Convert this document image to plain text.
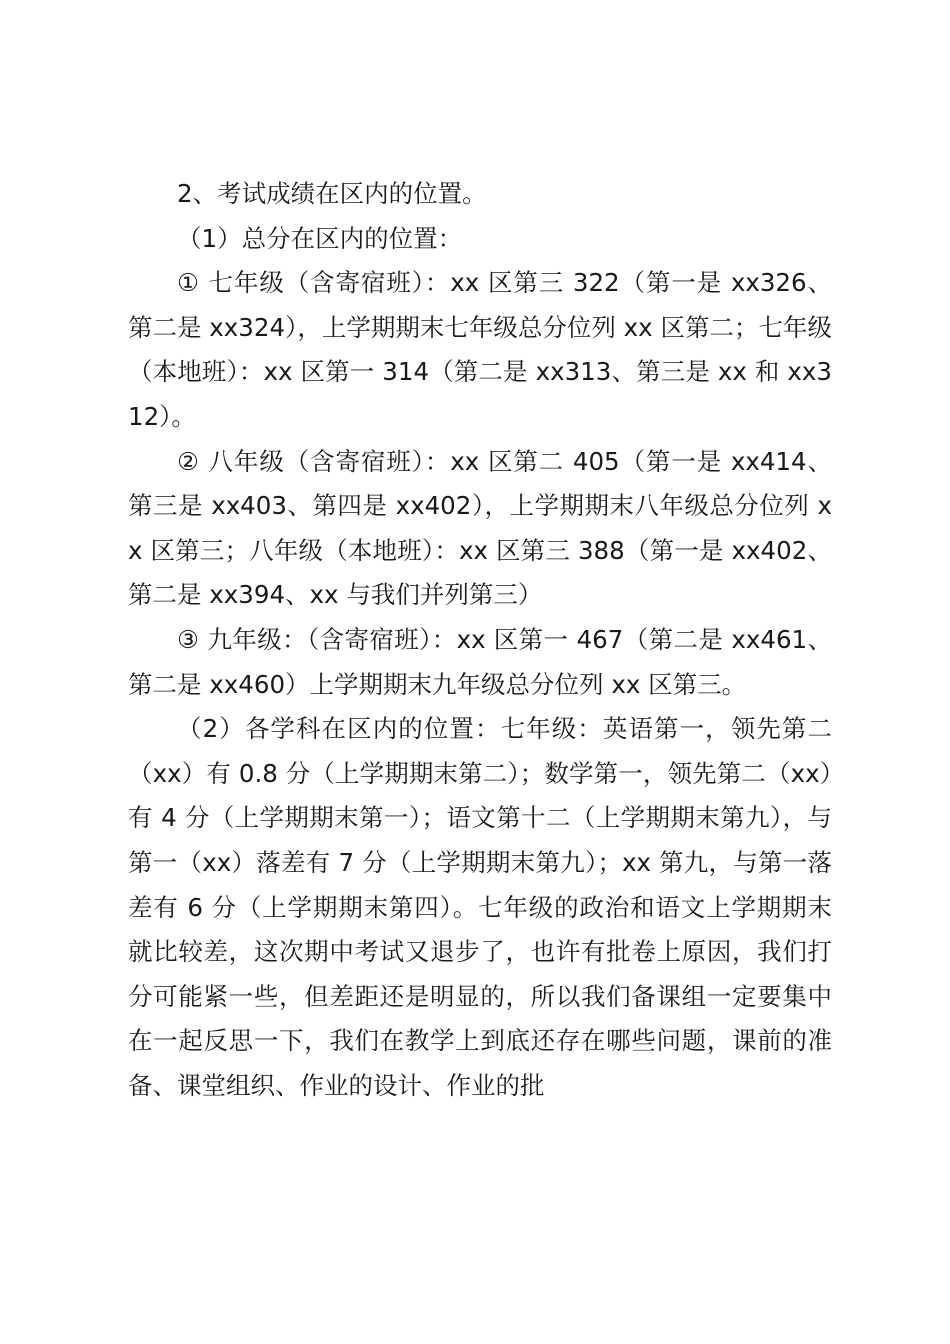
2、考试成绩在区内的位置。

（1）总分在区内的位置：

① 七年级（含寄宿班）：xx 区第三 322（第一是 xx326、第二是 xx324），上学期期末七年级总分位列 xx 区第二；七年级（本地班）：xx 区第一 314（第二是 xx313、第三是 xx 和 xx312）。

② 八年级（含寄宿班）：xx 区第二 405（第一是 xx414、第三是 xx403、第四是 xx402），上学期期末八年级总分位列 xx 区第三；八年级（本地班）：xx 区第三 388（第一是 xx402、第二是 xx394、xx 与我们并列第三）

③ 九年级：（含寄宿班）：xx 区第一 467（第二是 xx461、第二是 xx460）上学期期末九年级总分位列 xx 区第三。

（2）各学科在区内的位置：七年级：英语第一，领先第二（xx）有 0.8 分（上学期期末第二）；数学第一，领先第二（xx）有 4 分（上学期期末第一）；语文第十二（上学期期末第九），与第一（xx）落差有 7 分（上学期期末第九）；xx 第九，与第一落差有 6 分（上学期期末第四）。七年级的政治和语文上学期期末就比较差，这次期中考试又退步了，也许有批卷上原因，我们打分可能紧一些，但差距还是明显的，所以我们备课组一定要集中在一起反思一下，我们在教学上到底还存在哪些问题，课前的准备、课堂组织、作业的设计、作业的批
